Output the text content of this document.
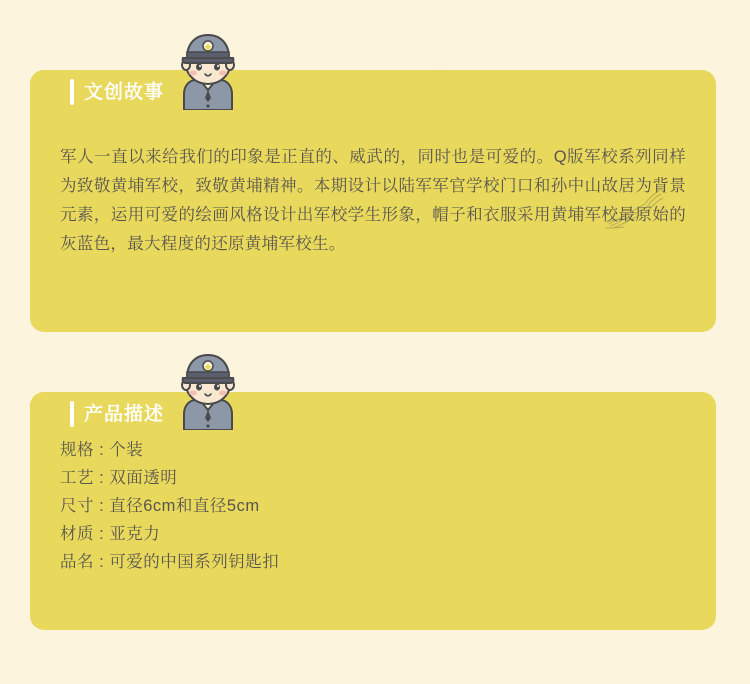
文创故事

军人一直以来给我们的印象是正直的、威武的，同时也是可爱的。Q版军校系列同样为致敬黄埔军校，致敬黄埔精神。本期设计以陆军军官学校门口和孙中山故居为背景元素，运用可爱的绘画风格设计出军校学生形象，帽子和衣服采用黄埔军校最原始的灰蓝色，最大程度的还原黄埔军校生。

产品描述
规格 : 个装
工艺 : 双面透明
尺寸 : 直径6cm和直径5cm
材质 : 亚克力
品名 : 可爱的中国系列钥匙扣
